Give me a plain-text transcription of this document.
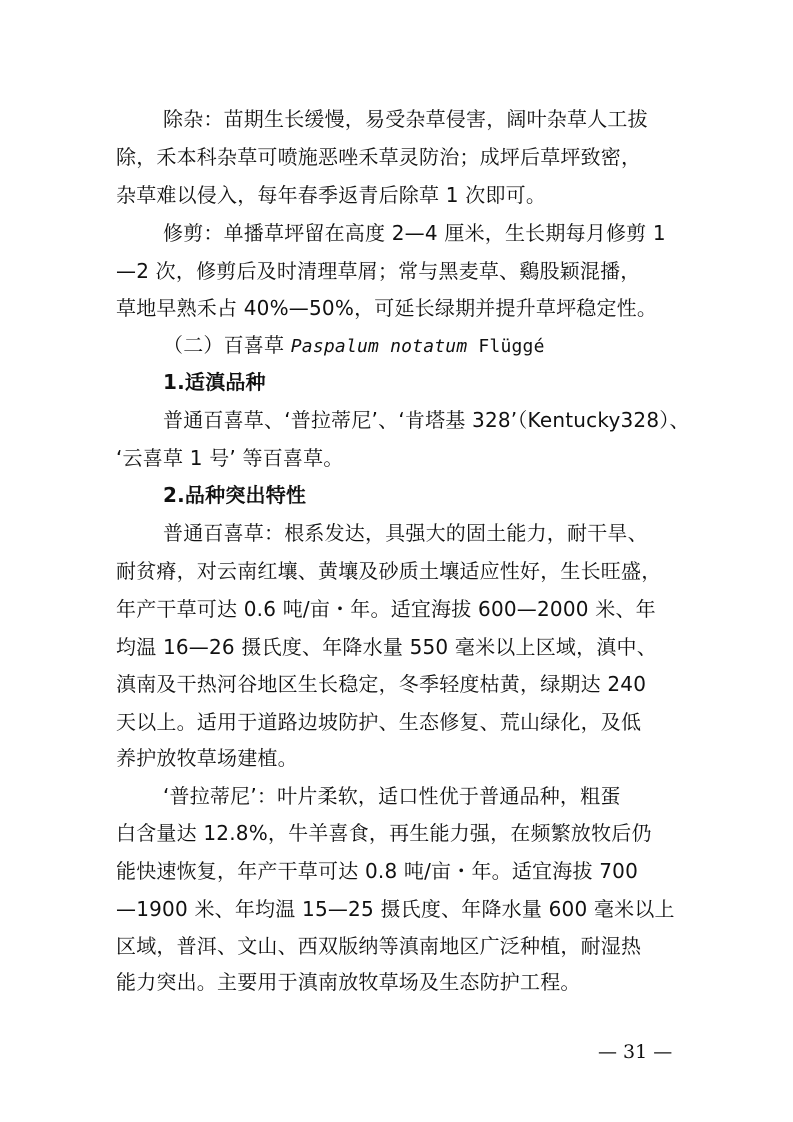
除杂：苗期生长缓慢，易受杂草侵害，阔叶杂草人工拔
除，禾本科杂草可喷施恶唑禾草灵防治；成坪后草坪致密，
杂草难以侵入，每年春季返青后除草 1 次即可。
修剪：单播草坪留在高度 2—4 厘米，生长期每月修剪 1
—2 次，修剪后及时清理草屑；常与黑麦草、鷄股颖混播，
草地早熟禾占 40%—50%，可延长绿期并提升草坪稳定性。
（二）百喜草 Paspalum notatum Flüggé
1.适滇品种
普通百喜草、‘普拉蒂尼’、‘肯塔基 328’（Kentucky328）、
‘云喜草 1 号’ 等百喜草。
2.品种突出特性
普通百喜草：根系发达，具强大的固土能力，耐干旱、
耐贫瘠，对云南红壤、黄壤及砂质土壤适应性好，生长旺盛，
年产干草可达 0.6 吨/亩・年。适宜海拔 600—2000 米、年
均温 16—26 摄氏度、年降水量 550 毫米以上区域，滇中、
滇南及干热河谷地区生长稳定，冬季轻度枯黄，绿期达 240
天以上。适用于道路边坡防护、生态修复、荒山绿化，及低
养护放牧草场建植。
‘普拉蒂尼’：叶片柔软，适口性优于普通品种，粗蛋
白含量达 12.8%，牛羊喜食，再生能力强，在频繁放牧后仍
能快速恢复，年产干草可达 0.8 吨/亩・年。适宜海拔 700
—1900 米、年均温 15—25 摄氏度、年降水量 600 毫米以上
区域，普洱、文山、西双版纳等滇南地区广泛种植，耐湿热
能力突出。主要用于滇南放牧草场及生态防护工程。
— 31 —
